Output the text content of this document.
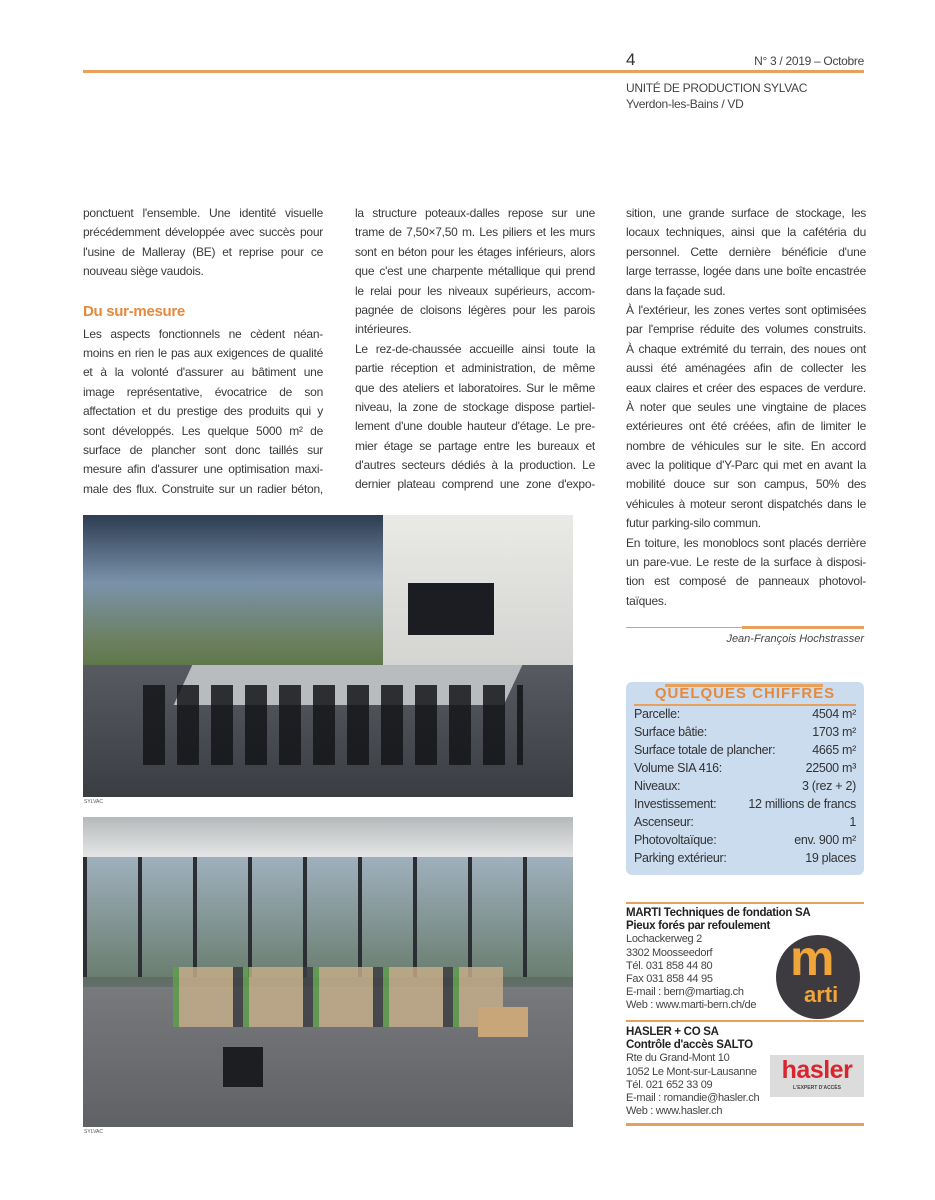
4	N° 3 / 2019 – Octobre
UNITÉ DE PRODUCTION SYLVAC
Yverdon-les-Bains / VD
ponctuent l'ensemble. Une identité visuelle
précédemment développée avec succès pour
l'usine de Malleray (BE) et reprise pour ce
nouveau siège vaudois.
Du sur-mesure
Les aspects fonctionnels ne cèdent néan-
moins en rien le pas aux exigences de qualité
et à la volonté d'assurer au bâtiment une
image représentative, évocatrice de son
affectation et du prestige des produits qui y
sont développés. Les quelque 5000 m² de
surface de plancher sont donc taillés sur
mesure afin d'assurer une optimisation maxi-
male des flux. Construite sur un radier béton,
la structure poteaux-dalles repose sur une
trame de 7,50×7,50 m. Les piliers et les murs
sont en béton pour les étages inférieurs, alors
que c'est une charpente métallique qui prend
le relai pour les niveaux supérieurs, accom-
pagnée de cloisons légères pour les parois
intérieures.
Le rez-de-chaussée accueille ainsi toute la
partie réception et administration, de même
que des ateliers et laboratoires. Sur le même
niveau, la zone de stockage dispose partiel-
lement d'une double hauteur d'étage. Le pre-
mier étage se partage entre les bureaux et
d'autres secteurs dédiés à la production. Le
dernier plateau comprend une zone d'expo-
sition, une grande surface de stockage, les
locaux techniques, ainsi que la cafétéria du
personnel. Cette dernière bénéficie d'une
large terrasse, logée dans une boîte encastrée
dans la façade sud.
À l'extérieur, les zones vertes sont optimisées
par l'emprise réduite des volumes construits.
À chaque extrémité du terrain, des noues ont
aussi été aménagées afin de collecter les
eaux claires et créer des espaces de verdure.
À noter que seules une vingtaine de places
extérieures ont été créées, afin de limiter le
nombre de véhicules sur le site. En accord
avec la politique d'Y-Parc qui met en avant la
mobilité douce sur son campus, 50% des
véhicules à moteur seront dispatchés dans le
futur parking-silo commun.
En toiture, les monoblocs sont placés derrière
un pare-vue. Le reste de la surface à disposi-
tion est composé de panneaux photovol-
taïques.
Jean-François Hochstrasser
SYLVAC
SYLVAC
QUELQUES CHIFFRES
Parcelle:	4504 m²
Surface bâtie:	1703 m²
Surface totale de plancher:	4665 m²
Volume SIA 416:	22500 m³
Niveaux:	3 (rez + 2)
Investissement:	12 millions de francs
Ascenseur:	1
Photovoltaïque:	env. 900 m²
Parking extérieur:	19 places
MARTI Techniques de fondation SA
Pieux forés par refoulement
Lochackerweg 2
3302 Moosseedorf
Tél. 031 858 44 80
Fax 031 858 44 95
E-mail : bern@martiag.ch
Web : www.marti-bern.ch/de
m
arti
HASLER + CO SA
Contrôle d'accès SALTO
Rte du Grand-Mont 10
1052 Le Mont-sur-Lausanne
Tél. 021 652 33 09
E-mail : romandie@hasler.ch
Web : www.hasler.ch
hasler
L'EXPERT D'ACCÈS
